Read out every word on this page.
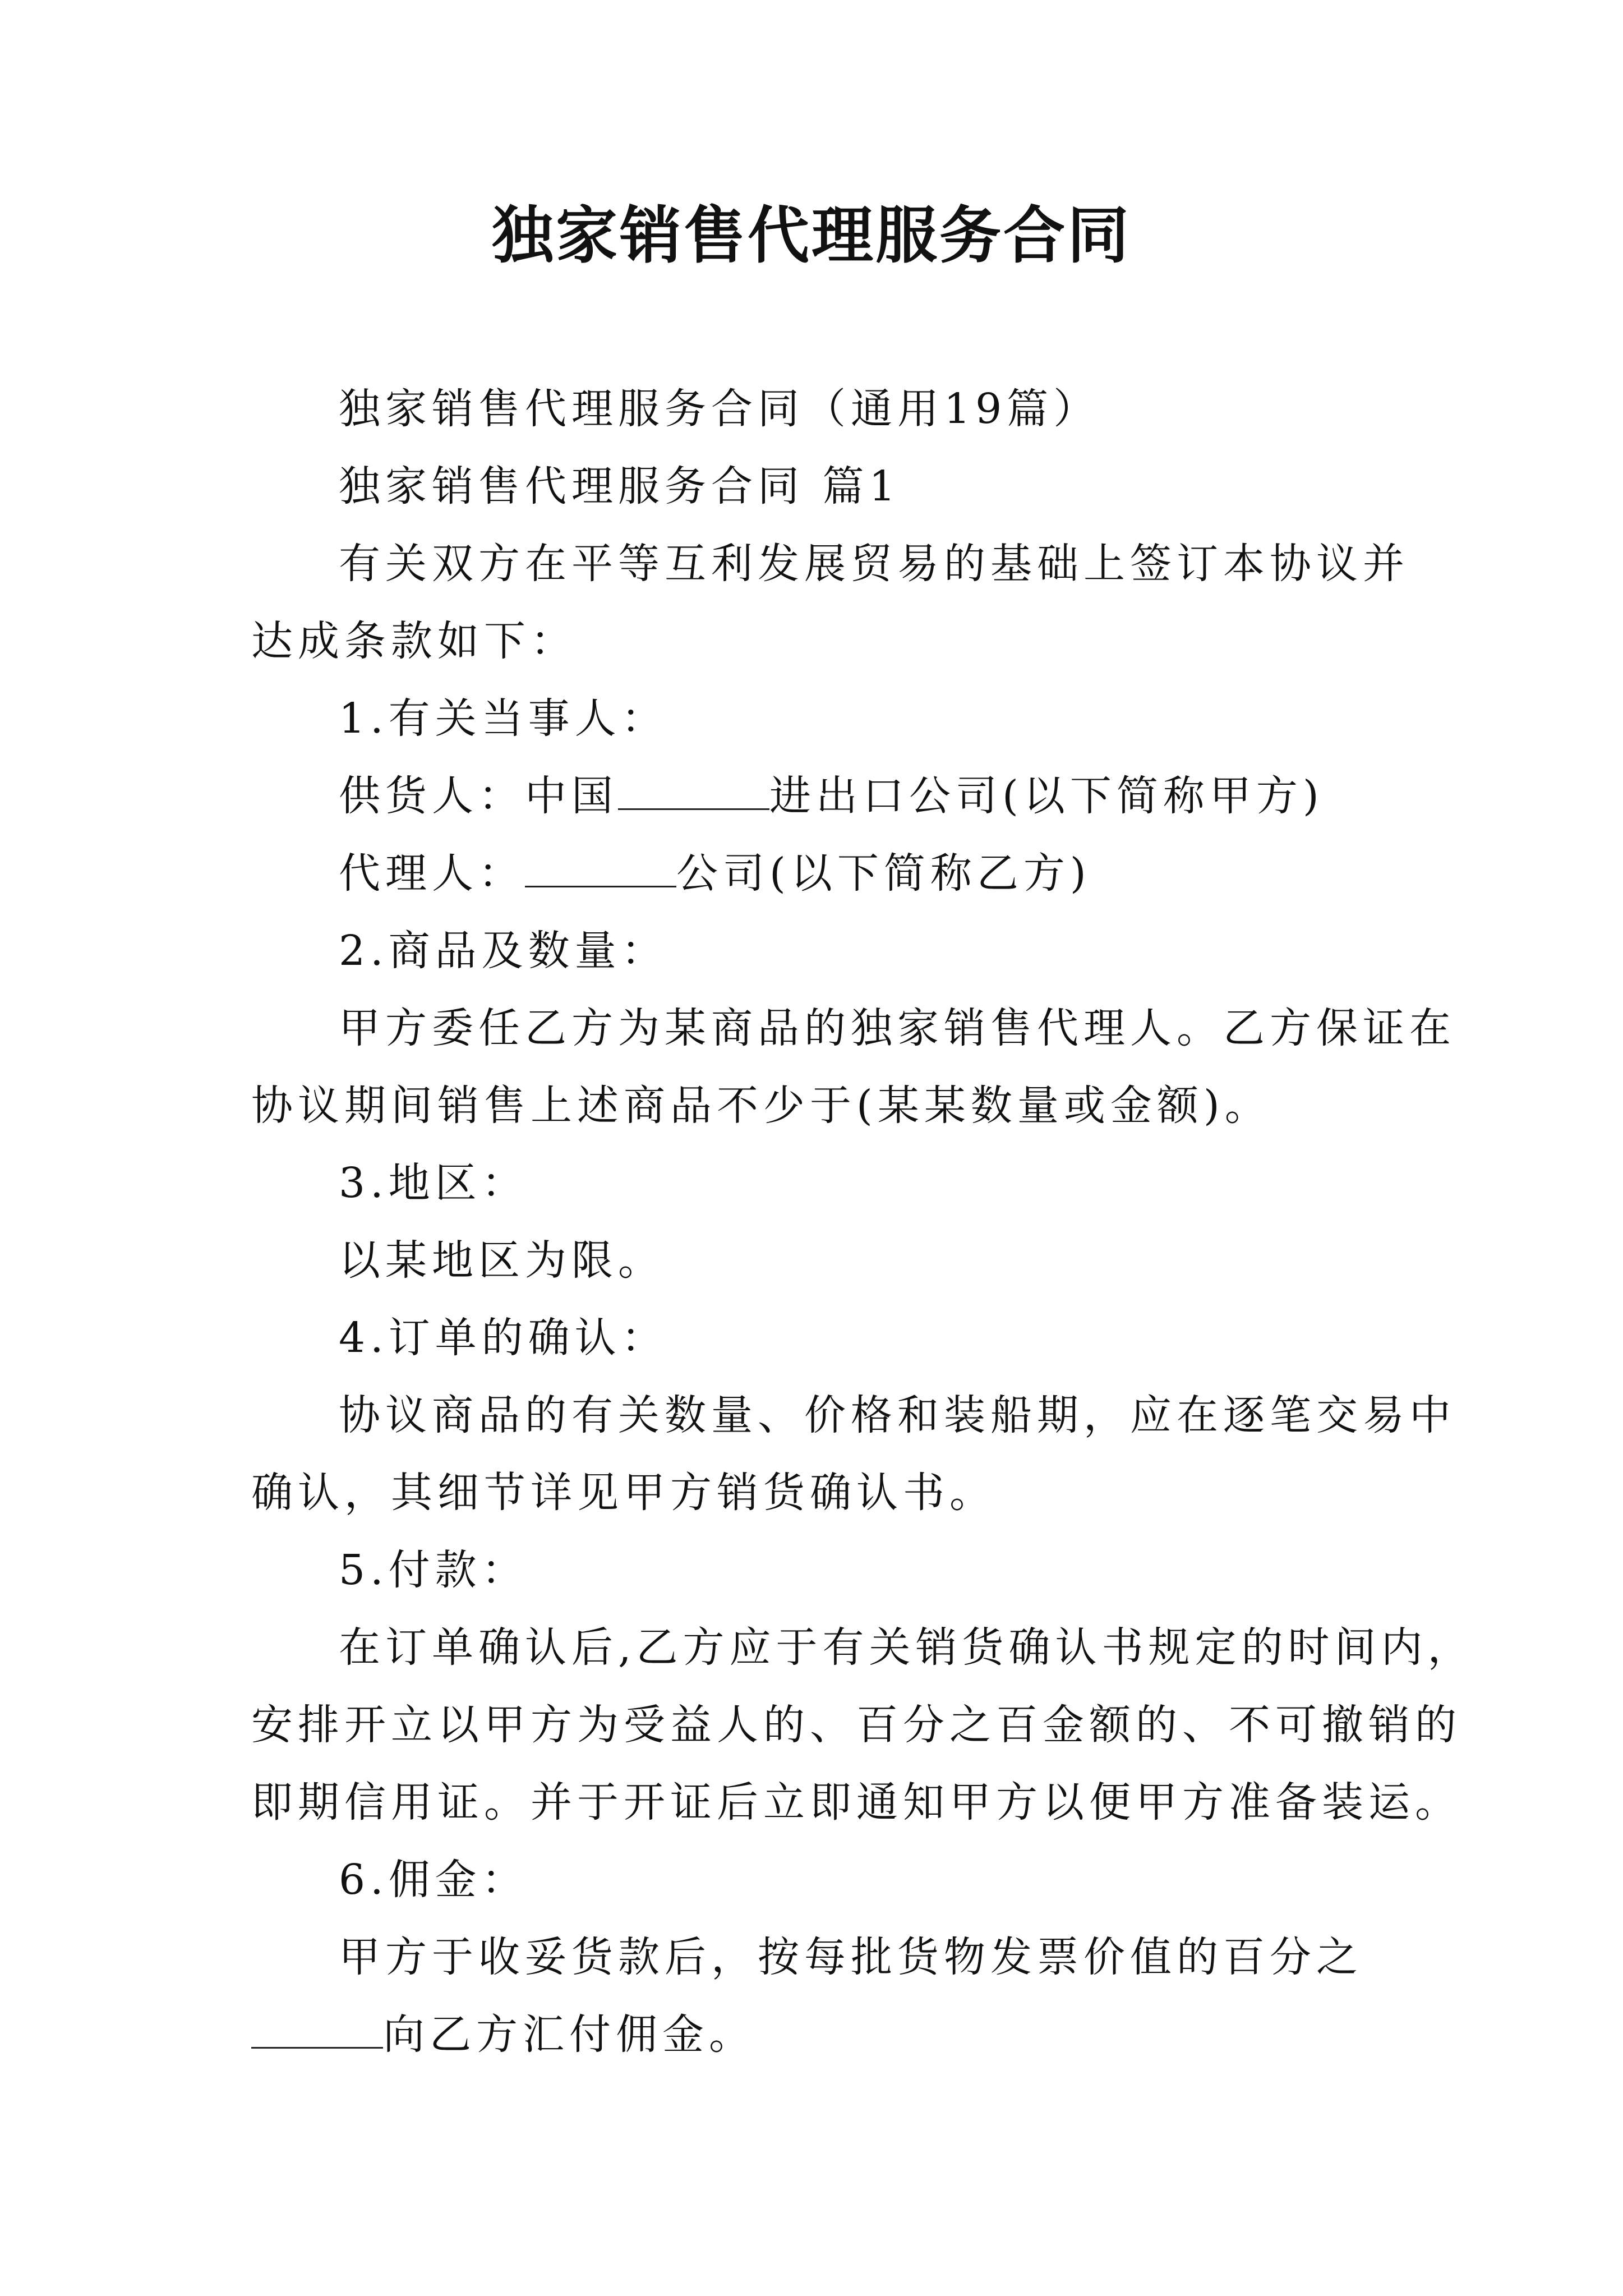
独家销售代理服务合同

独家销售代理服务合同（通用19篇）

独家销售代理服务合同 篇1

有关双方在平等互利发展贸易的基础上签订本协议并

达成条款如下：

1.有关当事人：

供货人：中国	进出口公司(以下简称甲方)

代理人：	公司(以下简称乙方)

2.商品及数量：

甲方委任乙方为某商品的独家销售代理人。乙方保证在

协议期间销售上述商品不少于(某某数量或金额)。

3.地区：

以某地区为限。

4.订单的确认：

协议商品的有关数量、价格和装船期，应在逐笔交易中

确认，其细节详见甲方销货确认书。

5.付款：

在订单确认后,乙方应于有关销货确认书规定的时间内，

安排开立以甲方为受益人的、百分之百金额的、不可撤销的

即期信用证。并于开证后立即通知甲方以便甲方准备装运。

6.佣金：

甲方于收妥货款后，按每批货物发票价值的百分之

向乙方汇付佣金。
